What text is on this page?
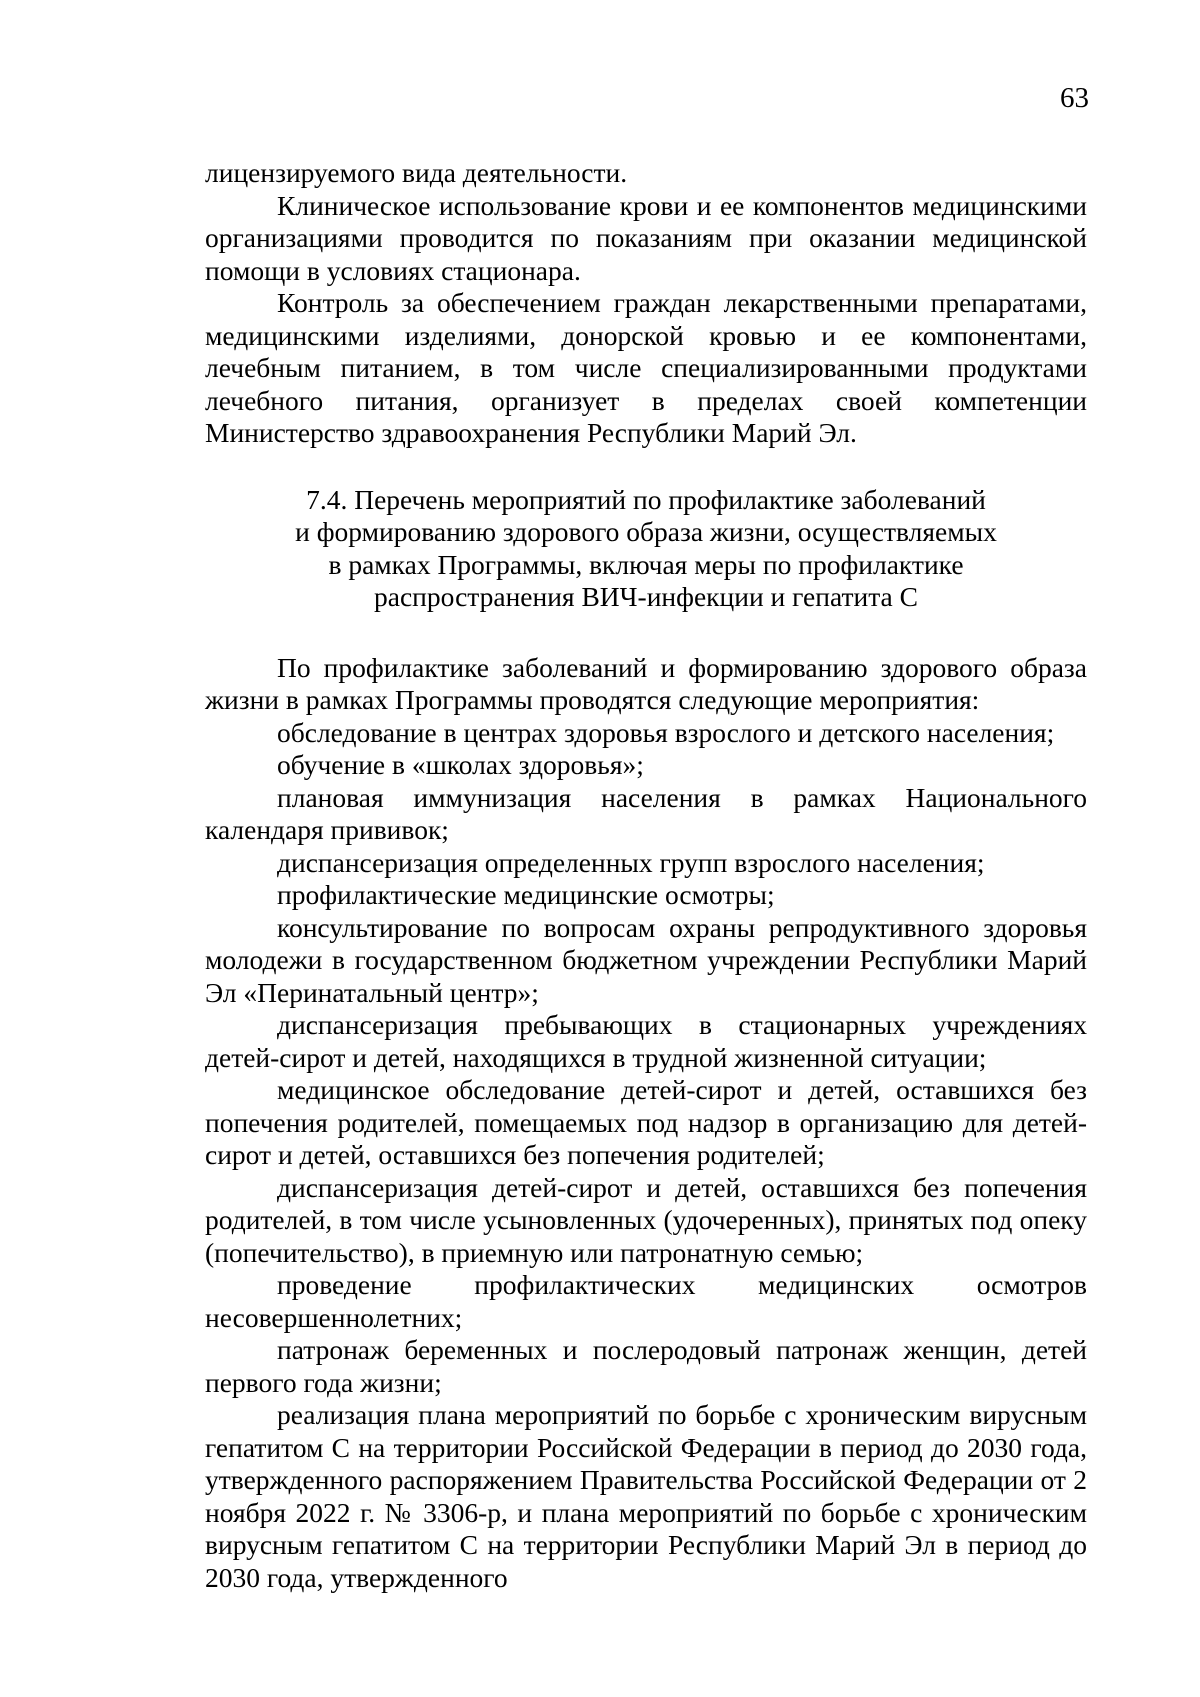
63

лицензируемого вида деятельности.

Клиническое использование крови и ее компонентов медицинскими организациями проводится по показаниям при оказании медицинской помощи в условиях стационара.

Контроль за обеспечением граждан лекарственными препаратами, медицинскими изделиями, донорской кровью и ее компонентами, лечебным питанием, в том числе специализированными продуктами лечебного питания, организует в пределах своей компетенции Министерство здравоохранения Республики Марий Эл.

7.4. Перечень мероприятий по профилактике заболеваний
и формированию здорового образа жизни, осуществляемых
в рамках Программы, включая меры по профилактике
распространения ВИЧ-инфекции и гепатита С

По профилактике заболеваний и формированию здорового образа жизни в рамках Программы проводятся следующие мероприятия:

обследование в центрах здоровья взрослого и детского населения;

обучение в «школах здоровья»;

плановая иммунизация населения в рамках Национального календаря прививок;

диспансеризация определенных групп взрослого населения;

профилактические медицинские осмотры;

консультирование по вопросам охраны репродуктивного здоровья молодежи в государственном бюджетном учреждении Республики Марий Эл «Перинатальный центр»;

диспансеризация пребывающих в стационарных учреждениях детей-сирот и детей, находящихся в трудной жизненной ситуации;

медицинское обследование детей-сирот и детей, оставшихся без попечения родителей, помещаемых под надзор в организацию для детей-сирот и детей, оставшихся без попечения родителей;

диспансеризация детей-сирот и детей, оставшихся без попечения родителей, в том числе усыновленных (удочеренных), принятых под опеку (попечительство), в приемную или патронатную семью;

проведение профилактических медицинских осмотров несовершеннолетних;

патронаж беременных и послеродовый патронаж женщин, детей первого года жизни;

реализация плана мероприятий по борьбе с хроническим вирусным гепатитом С на территории Российской Федерации в период до 2030 года, утвержденного распоряжением Правительства Российской Федерации от 2 ноября 2022 г. № 3306-р, и плана мероприятий по борьбе с хроническим вирусным гепатитом С на территории Республики Марий Эл в период до 2030 года, утвержденного
